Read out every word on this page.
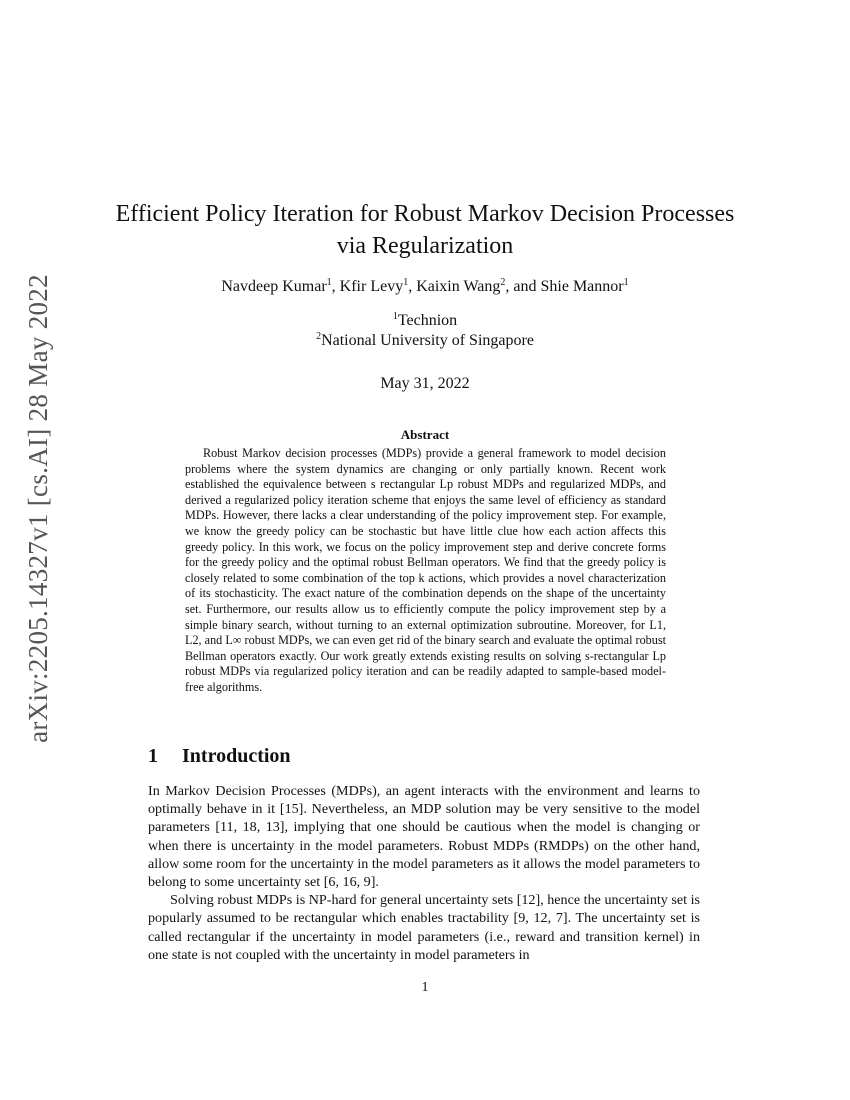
arXiv:2205.14327v1 [cs.AI] 28 May 2022
Efficient Policy Iteration for Robust Markov Decision Processes via Regularization
Navdeep Kumar$^1$, Kfir Levy$^1$, Kaixin Wang$^2$, and Shie Mannor$^1$
$^1$Technion
$^2$National University of Singapore
May 31, 2022
Abstract

Robust Markov decision processes (MDPs) provide a general framework to model decision problems where the system dynamics are changing or only partially known. Recent work established the equivalence between s rectangular Lp robust MDPs and regularized MDPs, and derived a regularized policy iteration scheme that enjoys the same level of efficiency as standard MDPs. However, there lacks a clear understanding of the policy improvement step. For example, we know the greedy policy can be stochastic but have little clue how each action affects this greedy policy. In this work, we focus on the policy improvement step and derive concrete forms for the greedy policy and the optimal robust Bellman operators. We find that the greedy policy is closely related to some combination of the top k actions, which provides a novel characterization of its stochasticity. The exact nature of the combination depends on the shape of the uncertainty set. Furthermore, our results allow us to efficiently compute the policy improvement step by a simple binary search, without turning to an external optimization subroutine. Moreover, for L1, L2, and L∞ robust MDPs, we can even get rid of the binary search and evaluate the optimal robust Bellman operators exactly. Our work greatly extends existing results on solving s-rectangular Lp robust MDPs via regularized policy iteration and can be readily adapted to sample-based model-free algorithms.

1 Introduction

In Markov Decision Processes (MDPs), an agent interacts with the environment and learns to optimally behave in it [15]. Nevertheless, an MDP solution may be very sensitive to the model parameters [11, 18, 13], implying that one should be cautious when the model is changing or when there is uncertainty in the model parameters. Robust MDPs (RMDPs) on the other hand, allow some room for the uncertainty in the model parameters as it allows the model parameters to belong to some uncertainty set [6, 16, 9].

Solving robust MDPs is NP-hard for general uncertainty sets [12], hence the uncertainty set is popularly assumed to be rectangular which enables tractability [9, 12, 7]. The uncertainty set is called rectangular if the uncertainty in model parameters (i.e., reward and transition kernel) in one state is not coupled with the uncertainty in model parameters in

1
